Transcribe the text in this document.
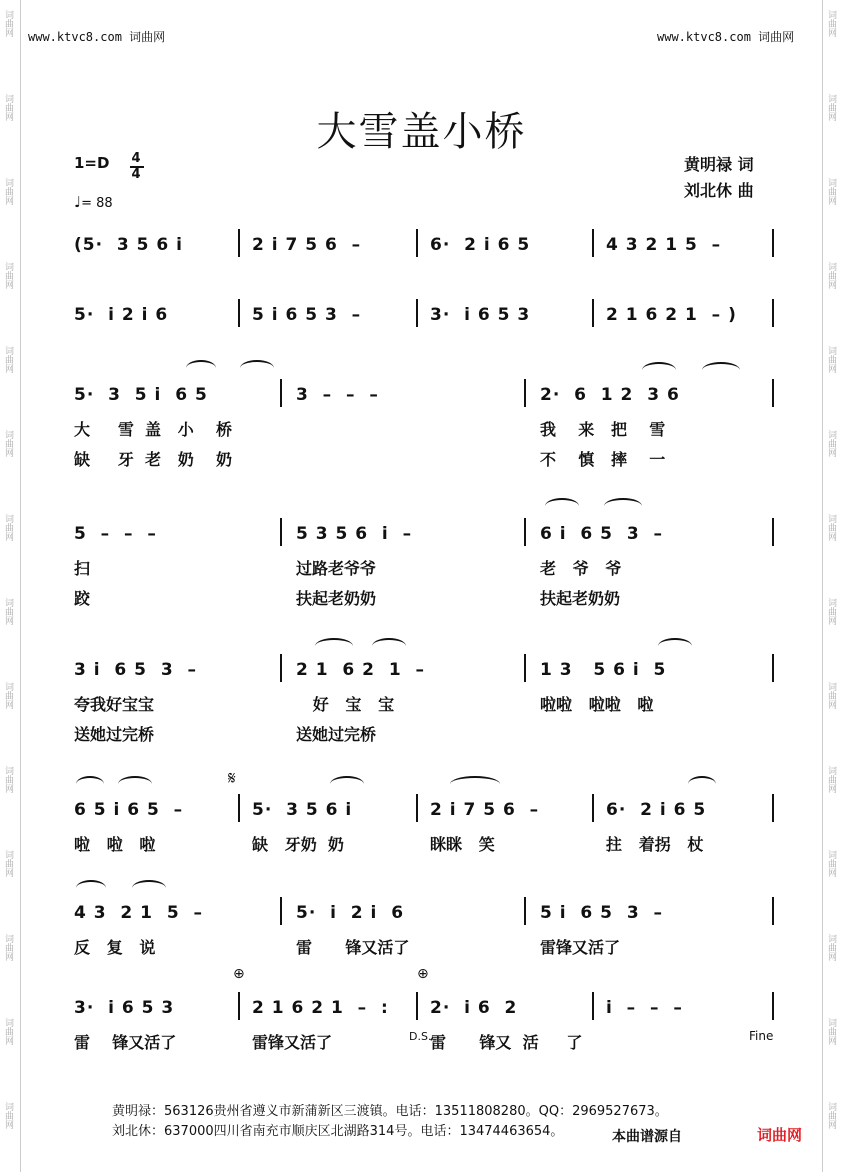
词曲网
词曲网
词曲网
词曲网
词曲网
词曲网
词曲网
词曲网
词曲网
词曲网
词曲网
词曲网
词曲网
词曲网
词曲网
词曲网
词曲网
词曲网
词曲网
词曲网
词曲网
词曲网
词曲网
词曲网
词曲网
词曲网
词曲网
词曲网
www.ktvc8.com 词曲网	www.ktvc8.com 词曲网
大雪盖小桥
黄明禄 词
刘北休 曲
1=D 4
4
♩= 88
(5·  3 5 6 i	2 i 7 5 6  –	6·  2 i 6 5	4 3 2 1 5  –
5·  i 2 i 6	5 i 6 5 3  –	3·  i 6 5 3	2 1 6 2 1  – )
5·  3  5 i  6 5	3  –  –  –	2·  6  1 2  3 6
大     雪  盖   小    桥	我    来   把    雪
缺     牙  老   奶    奶	不    慎   摔    一
5  –  –  –	5 3 5 6  i  –	6 i  6 5  3  –
扫	过路老爷爷	老   爷   爷
跤	扶起老奶奶	扶起老奶奶
3 i  6 5  3  –	2 1  6 2  1  –	1 3   5 6 i  5
夸我好宝宝	好   宝   宝	啦啦   啦啦   啦
送她过完桥	送她过完桥
6 5 i 6 5  –	5·  3 5 6 i	2 i 7 5 6  –	6·  2 i 6 5
啦   啦   啦	缺   牙奶  奶	眯眯   笑	拄   着拐   杖
4 3  2 1  5  –	5·  i  2 i  6	5 i  6 5  3  –
反   复   说	雷      锋又活了	雷锋又活了
3·  i 6 5 3	2 1 6 2 1  –  : 2·  i 6  2	i  –  –  –
雷    锋又活了	雷锋又活了	雷      锋又  活     了
𝄋
⊕	⊕
D.S.	Fine
黄明禄：563126贵州省遵义市新蒲新区三渡镇。电话：13511808280。QQ：2969527673。
刘北休：637000四川省南充市顺庆区北湖路314号。电话：13474463654。	本曲谱源自	词曲网
